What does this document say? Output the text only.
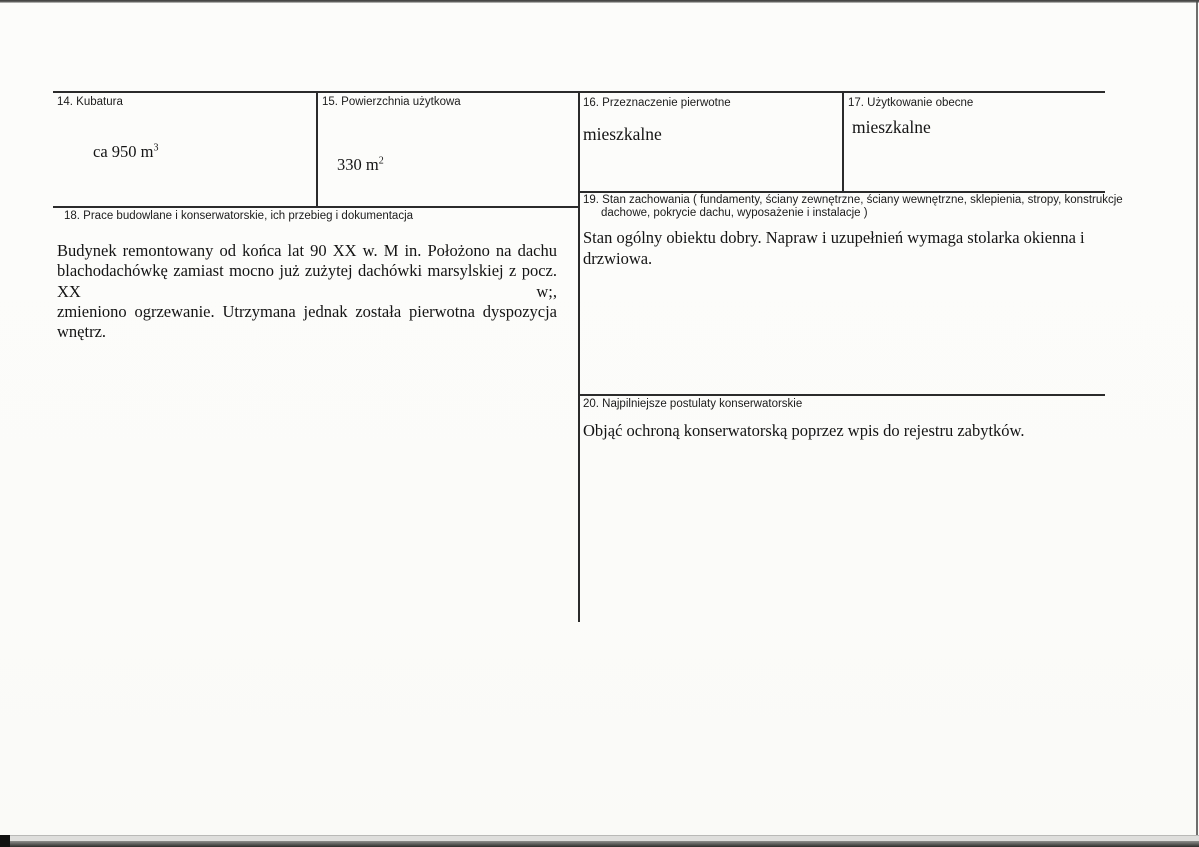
14. Kubatura
ca 950 $m^3$
15. Powierzchnia użytkowa
330 $m^2$
16. Przeznaczenie pierwotne
mieszkalne
17. Użytkowanie obecne
mieszkalne
18. Prace budowlane i konserwatorskie, ich przebieg i dokumentacja
Budynek remontowany od końca lat 90 XX w. M in. Położono na dachu
blachodachówkę zamiast mocno już zużytej dachówki marsylskiej z pocz. XX w;,
zmieniono ogrzewanie. Utrzymana jednak została pierwotna dyspozycja wnętrz.
19. Stan zachowania ( fundamenty, ściany zewnętrzne, ściany wewnętrzne, sklepienia, stropy, konstrukcje
dachowe, pokrycie dachu, wyposażenie i instalacje )
Stan ogólny obiektu dobry. Napraw i uzupełnień wymaga stolarka okienna i
drzwiowa.
20. Najpilniejsze postulaty konserwatorskie
Objąć ochroną konserwatorską poprzez wpis do rejestru zabytków.
